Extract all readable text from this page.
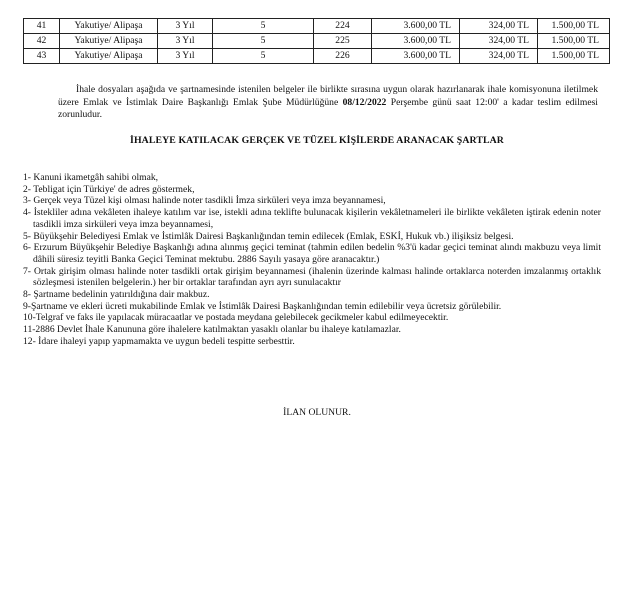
41	Yakutiye/ Alipaşa	3 Yıl	5	224	3.600,00 TL	324,00 TL	1.500,00 TL
42	Yakutiye/ Alipaşa	3 Yıl	5	225	3.600,00 TL	324,00 TL	1.500,00 TL
43	Yakutiye/ Alipaşa	3 Yıl	5	226	3.600,00 TL	324,00 TL	1.500,00 TL

İhale dosyaları aşağıda ve şartnamesinde istenilen belgeler ile birlikte sırasına uygun olarak hazırlanarak ihale komisyonuna iletilmek üzere Emlak ve İstimlak Daire Başkanlığı Emlak Şube Müdürlüğüne 08/12/2022 Perşembe günü saat 12:00' a kadar teslim edilmesi zorunludur.

İHALEYE KATILACAK GERÇEK VE TÜZEL KİŞİLERDE ARANACAK ŞARTLAR
1- Kanuni ikametgâh sahibi olmak,
2- Tebligat için Türkiye' de adres göstermek,
3- Gerçek veya Tüzel kişi olması halinde noter tasdikli İmza sirküleri veya imza beyannamesi,
4- İstekliler adına vekâleten ihaleye katılım var ise, istekli adına teklifte bulunacak kişilerin vekâletnameleri ile birlikte vekâleten iştirak edenin noter tasdikli imza sirküleri veya imza beyannamesi,
5- Büyükşehir Belediyesi Emlak ve İstimlâk Dairesi Başkanlığından temin edilecek (Emlak, ESKİ, Hukuk vb.) ilişiksiz belgesi.
6- Erzurum Büyükşehir Belediye Başkanlığı adına alınmış geçici teminat (tahmin edilen bedelin %3'ü kadar geçici teminat alındı makbuzu veya limit dâhili süresiz teyitli Banka Geçici Teminat mektubu. 2886 Sayılı yasaya göre aranacaktır.)
7- Ortak girişim olması halinde noter tasdikli ortak girişim beyannamesi (ihalenin üzerinde kalması halinde ortaklarca noterden imzalanmış ortaklık sözleşmesi istenilen belgelerin.) her bir ortaklar tarafından ayrı ayrı sunulacaktır
8- Şartname bedelinin yatırıldığına dair makbuz.
9-Şartname ve ekleri ücreti mukabilinde Emlak ve İstimlâk Dairesi Başkanlığından temin edilebilir veya ücretsiz görülebilir.
10-Telgraf ve faks ile yapılacak müracaatlar ve postada meydana gelebilecek gecikmeler kabul edilmeyecektir.
11-2886 Devlet İhale Kanununa göre ihalelere katılmaktan yasaklı olanlar bu ihaleye katılamazlar.
12- İdare ihaleyi yapıp yapmamakta ve uygun bedeli tespitte serbesttir.
İLAN OLUNUR.
